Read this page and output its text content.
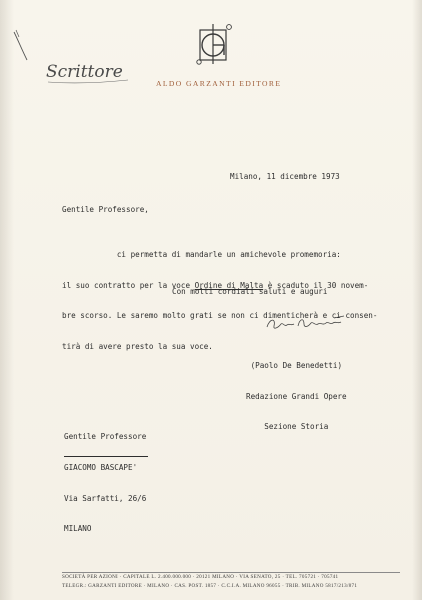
Scrittore
ALDO GARZANTI EDITORE
Milano, 11 dicembre 1973
Gentile Professore,

ci permetta di mandarle un amichevole promemoria:

il suo contratto per la voce Ordine di Malta è scaduto il 30 novem-

bre scorso. Le saremo molto grati se non ci dimenticherà e ci consen-

tirà di avere presto la sua voce.

Con molti cordiali saluti e auguri

(Paolo De Benedetti)

Redazione Grandi Opere

Sezione Storia

Gentile Professore

GIACOMO BASCAPE'

Via Sarfatti, 26/6

MILANO

SOCIETÀ PER AZIONI · CAPITALE L. 2.400.000.000 · 20121 MILANO · VIA SENATO, 25 · TEL. 705721 · 705741
TELEGR.: GARZANTI EDITORE · MILANO · CAS. POST. 1857 · C.C.I.A. MILANO 96055 · TRIB. MILANO 5817/213/871
